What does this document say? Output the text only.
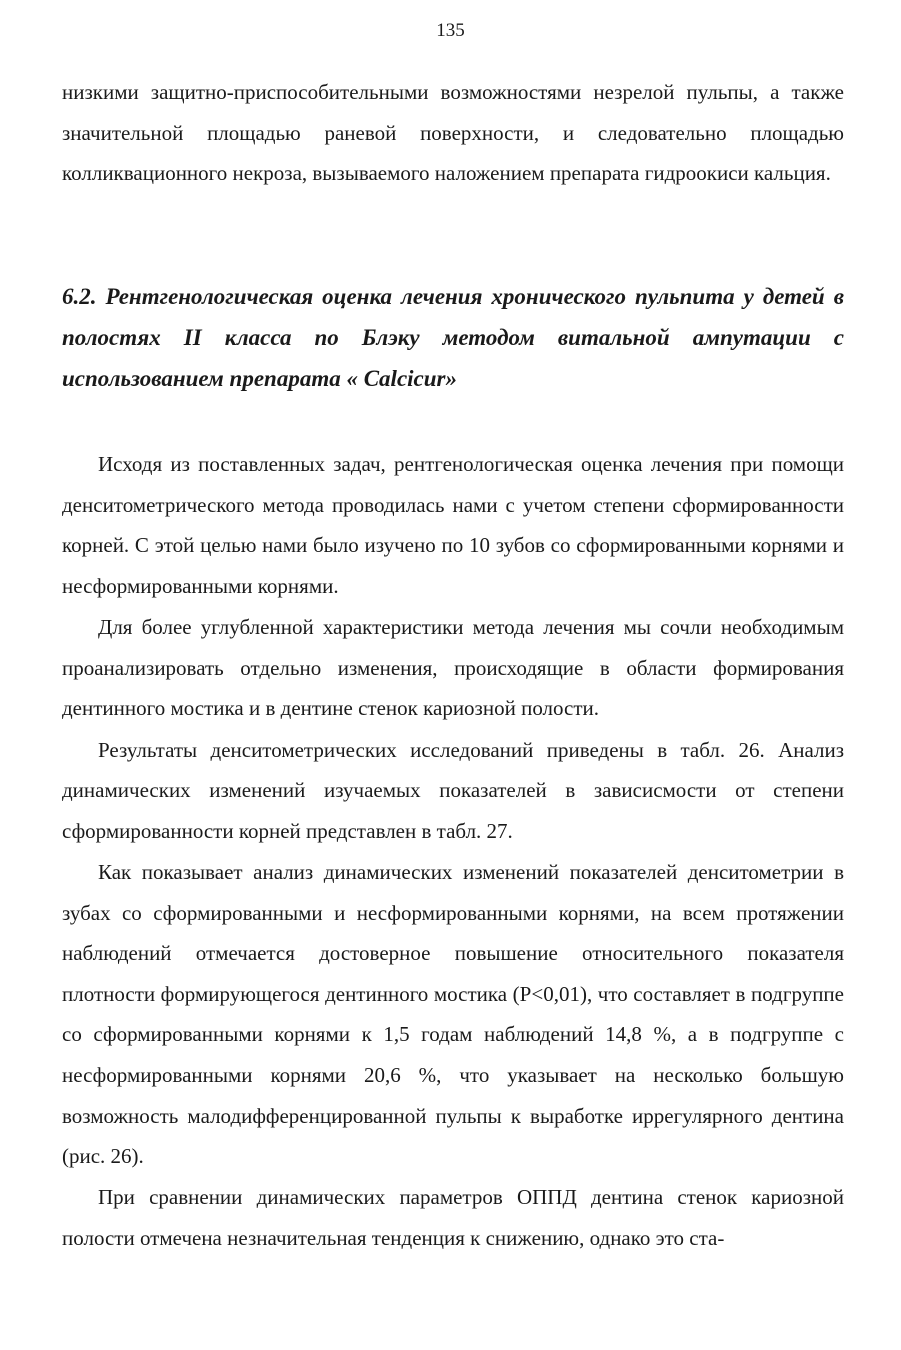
135

низкими защитно-приспособительными возможностями незрелой пульпы, а также значительной площадью раневой поверхности, и следовательно площадью колликвационного некроза, вызываемого наложением препарата гидроокиси кальция.

6.2. Рентгенологическая оценка лечения хронического пульпита у детей в полостях II класса по Блэку методом витальной ампутации с использованием препарата « Calcicur»

Исходя из поставленных задач, рентгенологическая оценка лечения при помощи денситометрического метода проводилась нами с учетом степени сформированности корней. С этой целью нами было изучено по 10 зубов со сформированными корнями и несформированными корнями.

Для более углубленной характеристики метода лечения мы сочли необходимым проанализировать отдельно изменения, происходящие в области формирования дентинного мостика и в дентине стенок кариозной полости.

Результаты денситометрических исследований приведены в табл. 26. Анализ динамических изменений изучаемых показателей в зависисмости от степени сформированности корней представлен в табл. 27.

Как показывает анализ динамических изменений показателей денситометрии в зубах со сформированными и несформированными корнями, на всем протяжении наблюдений отмечается достоверное повышение относительного показателя плотности формирующегося дентинного мостика (Р<0,01), что составляет в подгруппе со сформированными корнями к 1,5 годам наблюдений 14,8 %, а в подгруппе с несформированными корнями 20,6 %, что указывает на несколько большую возможность малодифференцированной пульпы к выработке иррегулярного дентина (рис. 26).

При сравнении динамических параметров ОППД дентина стенок кариозной полости отмечена незначительная тенденция к снижению, однако это ста-
